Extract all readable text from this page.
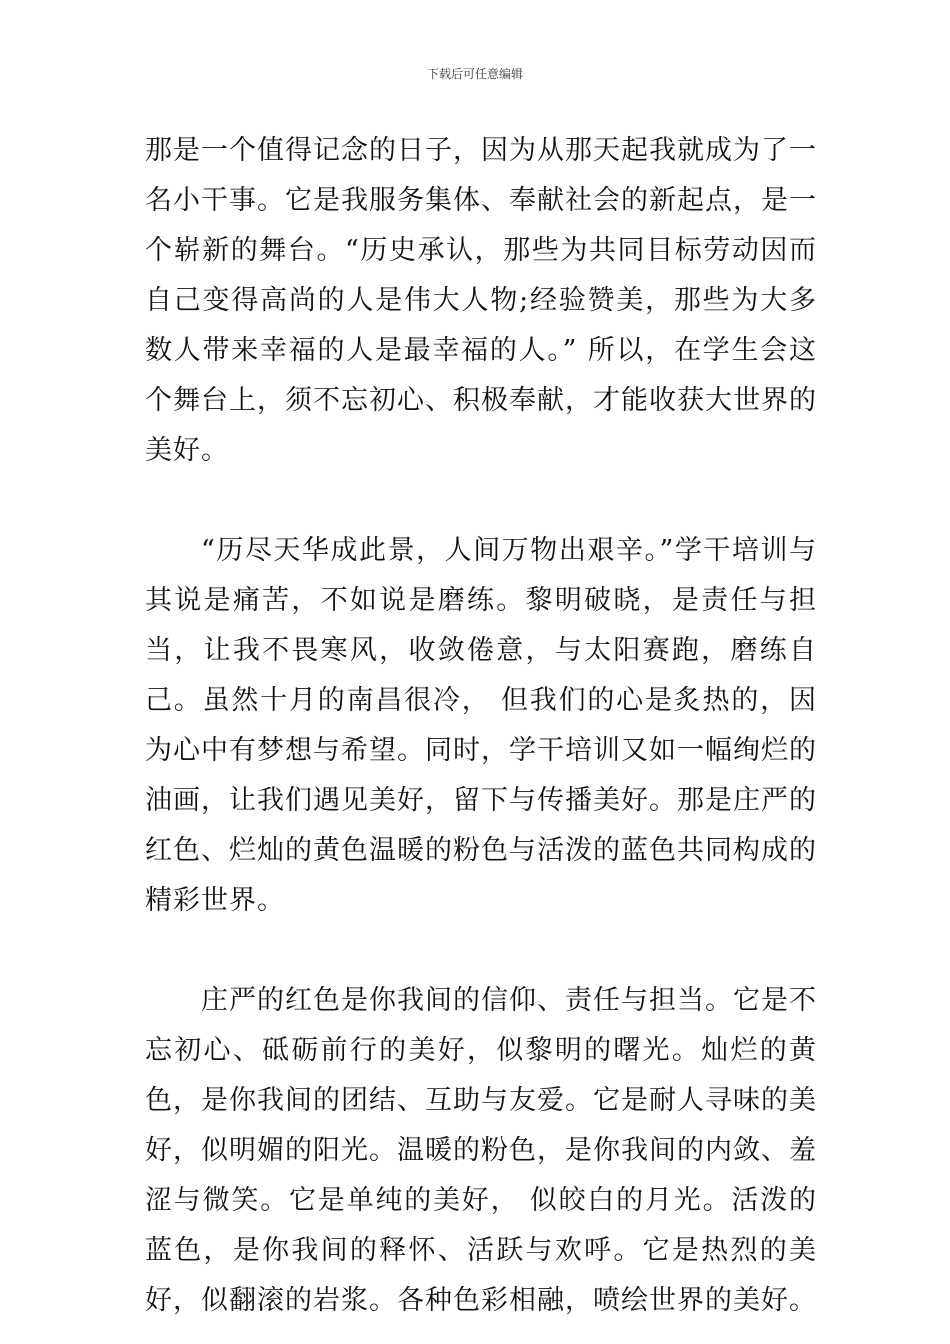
下载后可任意编辑

那是一个值得记念的日子，因为从那天起我就成为了一名小干事。它是我服务集体、奉献社会的新起点，是一个崭新的舞台。“历史承认，那些为共同目标劳动因而自己变得高尚的人是伟大人物;经验赞美，那些为大多数人带来幸福的人是最幸福的人。” 所以，在学生会这个舞台上，须不忘初心、积极奉献，才能收获大世界的美好。

“历尽天华成此景，人间万物出艰辛。”学干培训与其说是痛苦，不如说是磨练。黎明破晓，是责任与担当，让我不畏寒风，收敛倦意，与太阳赛跑，磨练自己。虽然十月的南昌很冷， 但我们的心是炙热的，因为心中有梦想与希望。同时，学干培训又如一幅绚烂的油画，让我们遇见美好，留下与传播美好。那是庄严的红色、烂灿的黄色温暖的粉色与活泼的蓝色共同构成的精彩世界。

庄严的红色是你我间的信仰、责任与担当。它是不忘初心、砥砺前行的美好，似黎明的曙光。灿烂的黄色，是你我间的团结、互助与友爱。它是耐人寻味的美好，似明媚的阳光。温暖的粉色，是你我间的内敛、羞涩与微笑。它是单纯的美好， 似皎白的月光。活泼的蓝色，是你我间的释怀、活跃与欢呼。它是热烈的美好，似翻滚的岩浆。各种色彩相融，喷绘世界的美好。
